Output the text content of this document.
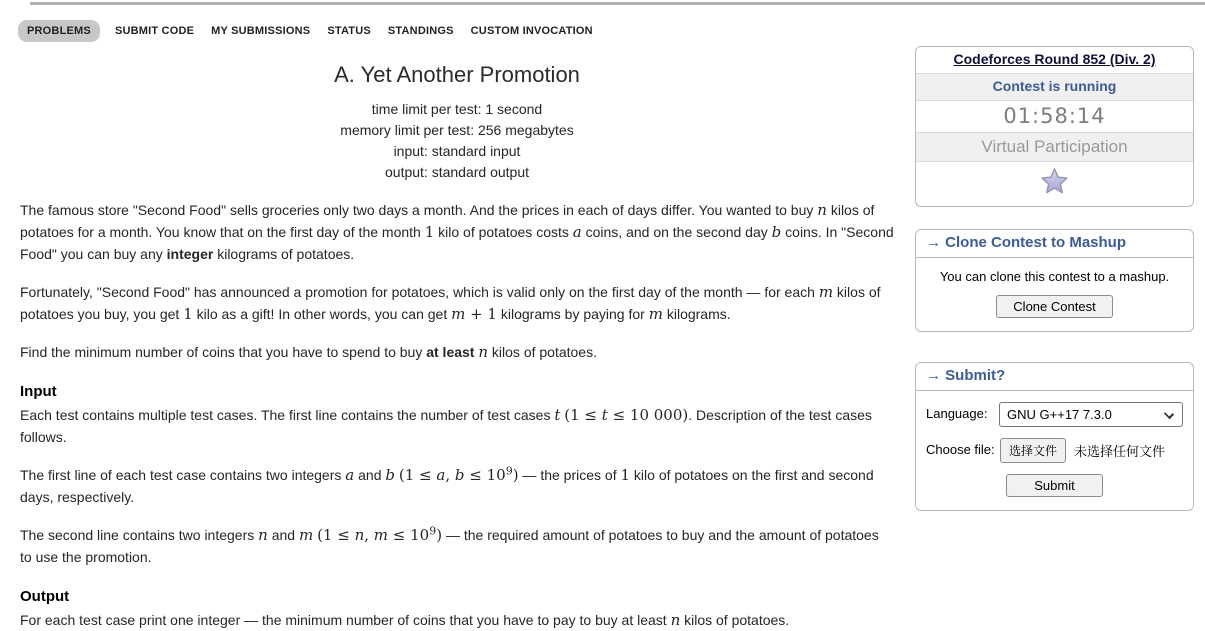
PROBLEMS	SUBMIT CODE MY SUBMISSIONS STATUS STANDINGS CUSTOM INVOCATION
A. Yet Another Promotion
time limit per test: 1 second
memory limit per test: 256 megabytes
input: standard input
output: standard output
The famous store "Second Food" sells groceries only two days a month. And the prices in each of days differ. You wanted to buy n kilos of potatoes for a month. You know that on the first day of the month 1 kilo of potatoes costs a coins, and on the second day b coins. In "Second Food" you can buy any integer kilograms of potatoes.
Fortunately, "Second Food" has announced a promotion for potatoes, which is valid only on the first day of the month — for each m kilos of potatoes you buy, you get 1 kilo as a gift! In other words, you can get m + 1 kilograms by paying for m kilograms.
Find the minimum number of coins that you have to spend to buy at least n kilos of potatoes.
Input
Each test contains multiple test cases. The first line contains the number of test cases t (1 ≤ t ≤ 10 000). Description of the test cases follows.
The first line of each test case contains two integers a and b (1 ≤ a, $b \le 10^9$) — the prices of 1 kilo of potatoes on the first and second days, respectively.
The second line contains two integers n and m (1 ≤ n, $m \le 10^9$) — the required amount of potatoes to buy and the amount of potatoes to use the promotion.
Output
For each test case print one integer — the minimum number of coins that you have to pay to buy at least n kilos of potatoes.
Codeforces Round 852 (Div. 2)
Contest is running
01:58:14
Virtual Participation
→ Clone Contest to Mashup
You can clone this contest to a mashup.
Clone Contest
→ Submit?
Language:	GNU G++17 7.3.0
Choose file:	选择文件	未选择任何文件
Submit
